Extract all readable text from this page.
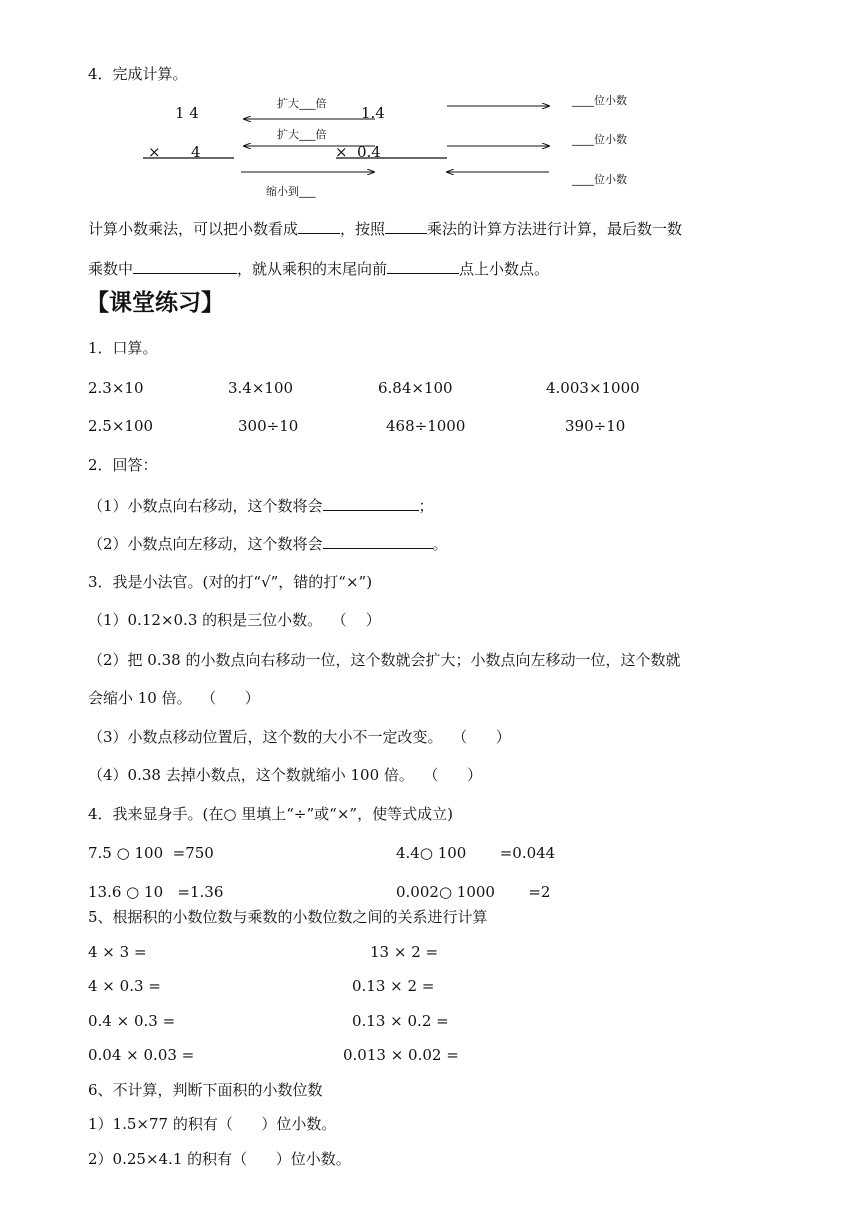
4．完成计算。
1 4
× 4
1.4
× 0.4
扩大___倍
扩大___倍
缩小到___
____位小数
____位小数
____位小数
计算小数乘法，可以把小数看成	，按照	乘法的计算方法进行计算，最后数一数
乘数中	，就从乘积的末尾向前	点上小数点。
【课堂练习】
1．口算。
2.3×10	3.4×100	6.84×100	4.003×1000
2.5×100	300÷10	468÷1000	390÷10
2．回答：
（1）小数点向右移动，这个数将会	；
（2）小数点向左移动，这个数将会	。
3．我是小法官。(对的打“√”，错的打“×”)
（1）0.12×0.3 的积是三位小数。  （    ）
（2）把 0.38 的小数点向右移动一位，这个数就会扩大；小数点向左移动一位，这个数就
会缩小 10 倍。  （      ）
（3）小数点移动位置后，这个数的大小不一定改变。  （      ）
（4）0.38 去掉小数点，这个数就缩小 100 倍。  （      ）
4．我来显身手。(在○ 里填上“÷”或“×”，使等式成立)
7.5 ○ 100  =750	4.4○ 100       =0.044
13.6 ○ 10   =1.36	0.002○ 1000       =2
5、根据积的小数位数与乘数的小数位数之间的关系进行计算
4 × 3 =	13 × 2 =
4 × 0.3 =	0.13 × 2 =
0.4 × 0.3 =	0.13 × 0.2 =
0.04 × 0.03 =	0.013 × 0.02 =
6、不计算，判断下面积的小数位数
1）1.5×77 的积有（      ）位小数。
2）0.25×4.1 的积有（      ）位小数。
